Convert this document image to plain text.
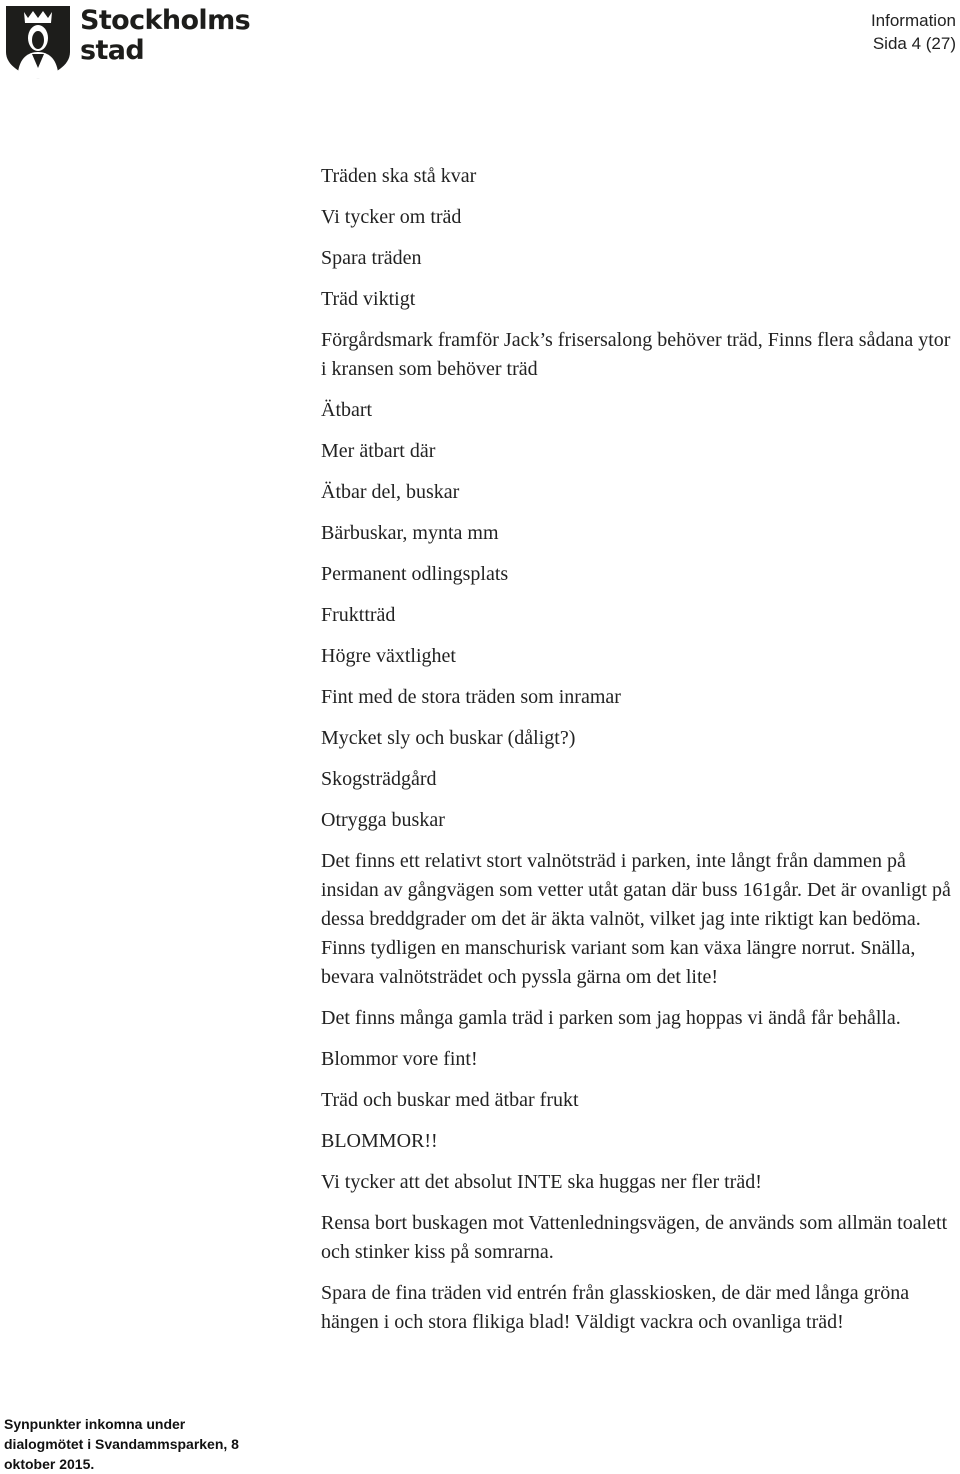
Stockholms
stad
Information
Sida 4 (27)

Träden ska stå kvar

Vi tycker om träd

Spara träden

Träd viktigt

Förgårdsmark framför Jack’s frisersalong behöver träd, Finns flera sådana ytor i kransen som behöver träd

Ätbart

Mer ätbart där

Ätbar del, buskar

Bärbuskar, mynta mm

Permanent odlingsplats

Fruktträd

Högre växtlighet

Fint med de stora träden som inramar

Mycket sly och buskar (dåligt?)

Skogsträdgård

Otrygga buskar

Det finns ett relativt stort valnötsträd i parken, inte långt från dammen på insidan av gångvägen som vetter utåt gatan där buss 161går. Det är ovanligt på dessa breddgrader om det är äkta valnöt, vilket jag inte riktigt kan bedöma. Finns tydligen en manschurisk variant som kan växa längre norrut. Snälla, bevara valnötsträdet och pyssla gärna om det lite!

Det finns många gamla träd i parken som jag hoppas vi ändå får behålla.

Blommor vore fint!

Träd och buskar med ätbar frukt

BLOMMOR!!

Vi tycker att det absolut INTE ska huggas ner fler träd!

Rensa bort buskagen mot Vattenledningsvägen, de används som allmän toalett och stinker kiss på somrarna.

Spara de fina träden vid entrén från glasskiosken, de där med långa gröna hängen i och stora flikiga blad! Väldigt vackra och ovanliga träd!

Synpunkter inkomna under dialogmötet i Svandammsparken, 8 oktober 2015.
